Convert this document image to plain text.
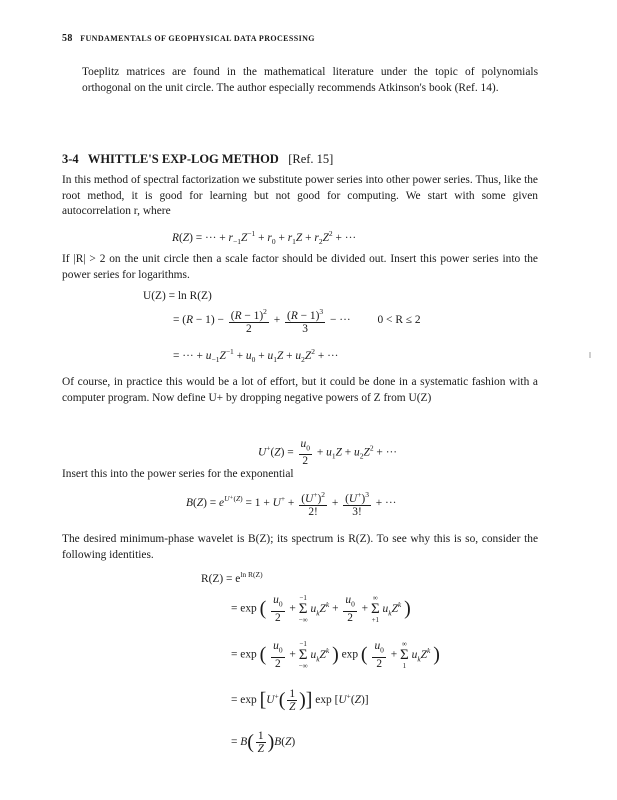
58 FUNDAMENTALS OF GEOPHYSICAL DATA PROCESSING

Toeplitz matrices are found in the mathematical literature under the topic of polynomials orthogonal on the unit circle. The author especially recommends Atkinson's book (Ref. 14).

3-4 WHITTLE'S EXP-LOG METHOD [Ref. 15]

In this method of spectral factorization we substitute power series into other power series. Thus, like the root method, it is good for learning but not good for computing. We start with some given autocorrelation r, where

R(Z) = ··· + $r_{-1}Z^{-1} + r_0 + r_1Z + r_2Z^2$ + ···

If |R| > 2 on the unit circle then a scale factor should be divided out. Insert this power series into the power series for logarithms.

U(Z) = ln R(Z)
= $(R - 1) - \frac{(R - 1)^2}{2} + \frac{(R - 1)^3}{3}$ − ··· 0 < R ≤ 2
= ··· + $u_{-1}Z^{-1} + u_0 + u_1Z + u_2Z^2$ + ···

Of course, in practice this would be a lot of effort, but it could be done in a systematic fashion with a computer program. Now define U+ by dropping negative powers of Z from U(Z)

$U^+(Z) = \frac{u_0}{2} + u_1Z + u_2Z^2$ + ···

Insert this into the power series for the exponential

$B(Z) = e^{U^+(Z)} = 1 + U^+ + \frac{(U^+)^2}{2!} + \frac{(U^+)^3}{3!}$ + ···

The desired minimum-phase wavelet is B(Z); its spectrum is R(Z). To see why this is so, consider the following identities.

$R(Z) = e^{ln R(Z)}$
= exp ( $\frac{u_0}{2}$ +
−1
Σ
−∞
$u_kZ^k + \frac{u_0}{2}$ +
∞
Σ
+1
$u_kZ^k$ )
= exp ( $\frac{u_0}{2}$ +
−1
Σ
−∞
$u_kZ^k$ ) exp ( $\frac{u_0}{2}$ +
∞
Σ
1
$u_kZ^k$ )
= $\exp [U^+( \frac{1}{Z}$ )] exp [U+(Z)]
= $B( \frac{1}{Z} )B(Z)$
